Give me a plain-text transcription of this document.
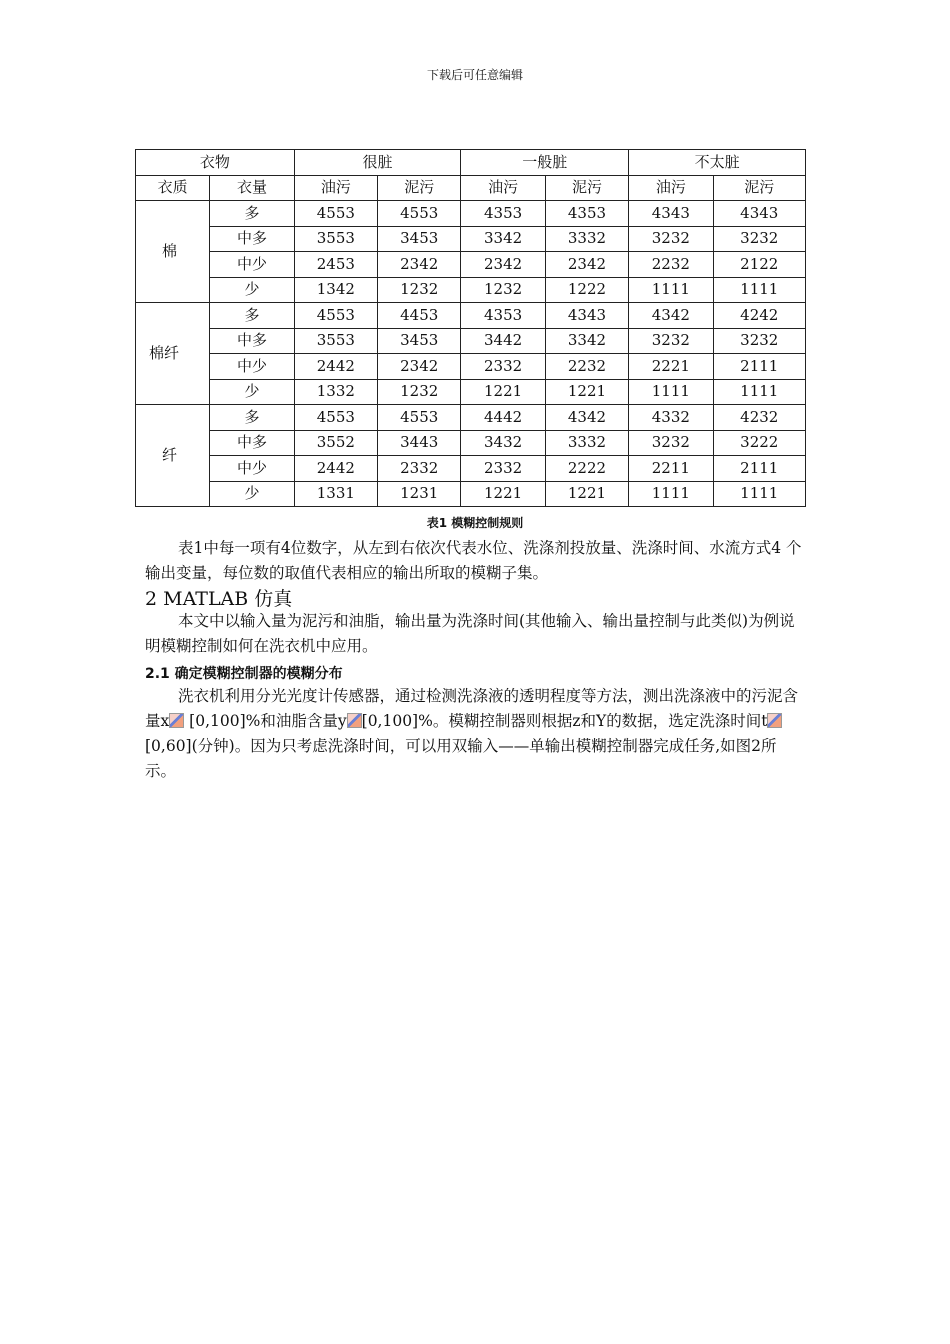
下载后可任意编辑
衣物		很脏		一般脏		不太脏	
衣质	衣量	油污	泥污	油污	泥污	油污	泥污
棉	多	4553	4553	4353	4353	4343	4343
	中多	3553	3453	3342	3332	3232	3232
	中少	2453	2342	2342	2342	2232	2122
	少	1342	1232	1232	1222	1111	1111
棉纤	多	4553	4453	4353	4343	4342	4242
	中多	3553	3453	3442	3342	3232	3232
	中少	2442	2342	2332	2232	2221	2111
	少	1332	1232	1221	1221	1111	1111
纤	多	4553	4553	4442	4342	4332	4232
	中多	3552	3443	3432	3332	3232	3222
	中少	2442	2332	2332	2222	2211	2111
	少	1331	1231	1221	1221	1111	1111
表1 模糊控制规则

表1中每一项有4位数字，从左到右依次代表水位、洗涤剂投放量、洗涤时间、水流方式4 个输出变量，每位数的取值代表相应的输出所取的模糊子集。

2 MATLAB 仿真

本文中以输入量为泥污和油脂，输出量为洗涤时间(其他输入、输出量控制与此类似)为例说明模糊控制如何在洗衣机中应用。

2.1 确定模糊控制器的模糊分布

洗衣机利用分光光度计传感器，通过检测洗涤液的透明程度等方法，测出洗涤液中的污泥含量x [0,100]%和油脂含量y [0,100]%。模糊控制器则根据z和Y的数据，选定洗涤时间t[0,60](分钟)。因为只考虑洗涤时间，可以用双输入——单输出模糊控制器完成任务,如图2所示。
